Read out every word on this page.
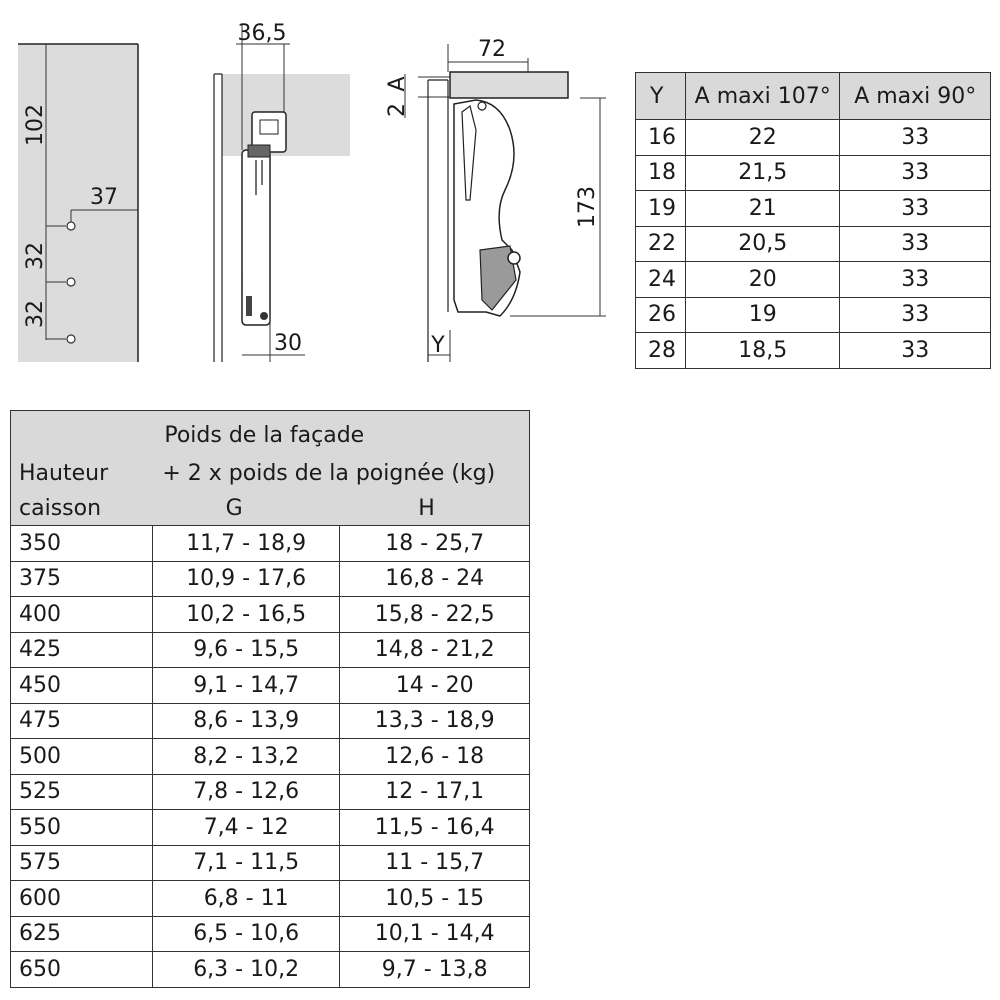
102
37
32
32
36,5
30
A
2
72
173
Y
Y	A maxi 107°	A maxi 90°
16	22	33
18	21,5	33
19	21	33
22	20,5	33
24	20	33
26	19	33
28	18,5	33
	Poids de la façade	
Hauteur	+ 2 x poids de la poignée (kg)	
caisson	G	H
350	11,7 - 18,9	18 - 25,7
375	10,9 - 17,6	16,8 - 24
400	10,2 - 16,5	15,8 - 22,5
425	9,6 - 15,5	14,8 - 21,2
450	9,1 - 14,7	14 - 20
475	8,6 - 13,9	13,3 - 18,9
500	8,2 - 13,2	12,6 - 18
525	7,8 - 12,6	12 - 17,1
550	7,4 - 12	11,5 - 16,4
575	7,1 - 11,5	11 - 15,7
600	6,8 - 11	10,5 - 15
625	6,5 - 10,6	10,1 - 14,4
650	6,3 - 10,2	9,7 - 13,8
